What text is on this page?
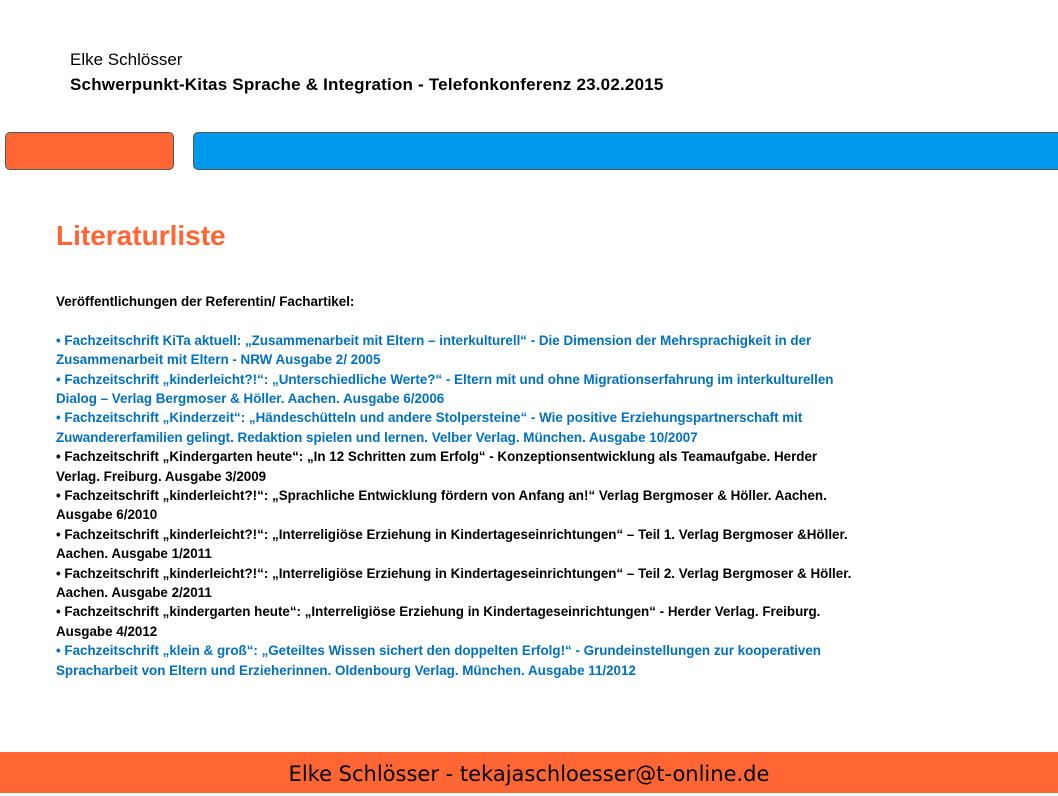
Elke Schlösser
Schwerpunkt-Kitas Sprache & Integration - Telefonkonferenz 23.02.2015
Literaturliste

Veröffentlichungen der Referentin/ Fachartikel:

• Fachzeitschrift KiTa aktuell: „Zusammenarbeit mit Eltern – interkulturell“ - Die Dimension der Mehrsprachigkeit in der
Zusammenarbeit mit Eltern - NRW Ausgabe 2/ 2005

• Fachzeitschrift „kinderleicht?!“: „Unterschiedliche Werte?“ - Eltern mit und ohne Migrationserfahrung im interkulturellen
Dialog – Verlag Bergmoser & Höller. Aachen. Ausgabe 6/2006

• Fachzeitschrift „Kinderzeit“: „Händeschütteln und andere Stolpersteine“ - Wie positive Erziehungspartnerschaft mit
Zuwandererfamilien gelingt. Redaktion spielen und lernen. Velber Verlag. München. Ausgabe 10/2007

• Fachzeitschrift „Kindergarten heute“: „In 12 Schritten zum Erfolg“ - Konzeptionsentwicklung als Teamaufgabe. Herder
Verlag. Freiburg. Ausgabe 3/2009

• Fachzeitschrift „kinderleicht?!“: „Sprachliche Entwicklung fördern von Anfang an!“ Verlag Bergmoser & Höller. Aachen.
Ausgabe 6/2010

• Fachzeitschrift „kinderleicht?!“: „Interreligiöse Erziehung in Kindertageseinrichtungen“ – Teil 1. Verlag Bergmoser &Höller.
Aachen. Ausgabe 1/2011

• Fachzeitschrift „kinderleicht?!“: „Interreligiöse Erziehung in Kindertageseinrichtungen“ – Teil 2. Verlag Bergmoser & Höller.
Aachen. Ausgabe 2/2011

• Fachzeitschrift „kindergarten heute“: „Interreligiöse Erziehung in Kindertageseinrichtungen“ - Herder Verlag. Freiburg.
Ausgabe 4/2012

• Fachzeitschrift „klein & groß“: „Geteiltes Wissen sichert den doppelten Erfolg!“ - Grundeinstellungen zur kooperativen
Spracharbeit von Eltern und Erzieherinnen. Oldenbourg Verlag. München. Ausgabe 11/2012

Elke Schlösser - tekajaschloesser@t-online.de
